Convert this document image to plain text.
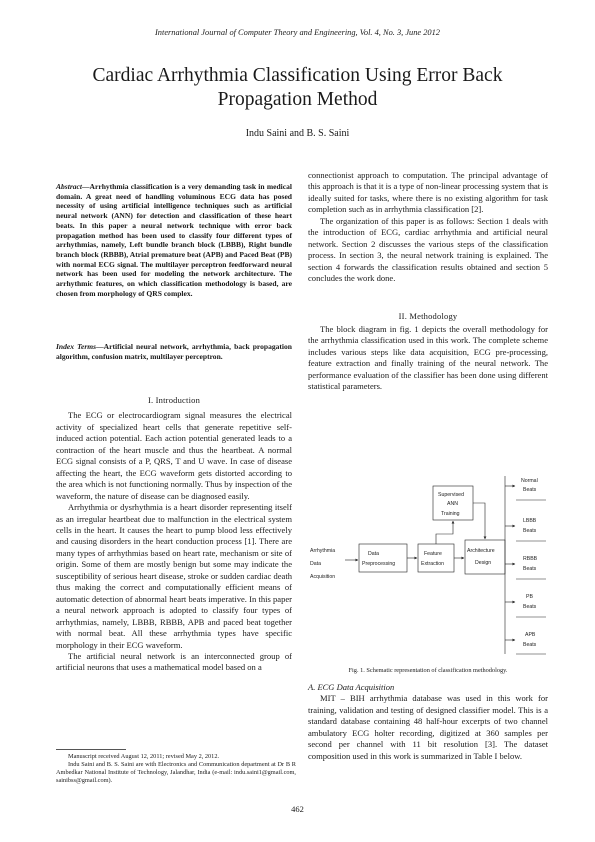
International Journal of Computer Theory and Engineering, Vol. 4, No. 3, June 2012
Cardiac Arrhythmia Classification Using Error Back
Propagation Method
Indu Saini and B. S. Saini
Abstract—Arrhythmia classification is a very demanding task in medical domain. A great need of handling voluminous ECG data has posed necessity of using artificial intelligence techniques such as artificial neural network (ANN) for detection and classification of these heart beats. In this paper a neural network technique with error back propagation method has been used to classify four different types of arrhythmias, namely, Left bundle branch block (LBBB), Right bundle branch block (RBBB), Atrial premature beat (APB) and Paced Beat (PB) with normal ECG signal. The multilayer perceptron feedforward neural network has been used for modeling the network architecture. The arrhythmic features, on which classification methodology is based, are chosen from morphology of QRS complex.
Index Terms—Artificial neural network, arrhythmia, back propagation algorithm, confusion matrix, multilayer perceptron.
I. Introduction

The ECG or electrocardiogram signal measures the electrical activity of specialized heart cells that generate repetitive self-induced action potential. Each action potential generated leads to a contraction of the heart muscle and thus the heartbeat. A normal ECG signal consists of a P, QRS, T and U wave. In case of disease affecting the heart, the ECG waveform gets distorted according to the area which is not functioning normally. Thus by inspection of the waveform, the nature of disease can be diagnosed easily.

Arrhythmia or dysrhythmia is a heart disorder representing itself as an irregular heartbeat due to malfunction in the electrical system cells in the heart. It causes the heart to pump blood less effectively and causing disorders in the heart conduction process [1]. There are many types of arrhythmias based on heart rate, mechanism or site of origin. Some of them are mostly benign but some may indicate the susceptibility of serious heart disease, stroke or sudden cardiac death thus making the correct and computationally efficient means of automatic detection of abnormal heart beats imperative. In this paper a neural network approach is adopted to classify four types of arrhythmias, namely, LBBB, RBBB, APB and paced beat together with normal beat. All these arrhythmia types have specific morphology in their ECG waveform.

The artificial neural network is an interconnected group of artificial neurons that uses a mathematical model based on a

Manuscript received August 12, 2011; revised May 2, 2012.

Indu Saini and B. S. Saini are with Electronics and Communication department at Dr B R Ambedkar National Institute of Technology, Jalandhar, India (e-mail: indu.saini1@gmail.com, sainibss@gmail.com).

connectionist approach to computation. The principal advantage of this approach is that it is a type of non-linear processing system that is ideally suited for tasks, where there is no existing algorithm for task completion such as in arrhythmia classification [2].

The organization of this paper is as follows: Section 1 deals with the introduction of ECG, cardiac arrhythmia and artificial neural network. Section 2 discusses the various steps of the classification process. In section 3, the neural network training is explained. The section 4 forwards the classification results obtained and section 5 concludes the work done.

II. Methodology

The block diagram in fig. 1 depicts the overall methodology for the arrhythmia classification used in this work. The complete scheme includes various steps like data acquisition, ECG pre-processing, feature extraction and finally training of the neural network. The performance evaluation of the classifier has been done using different statistical parameters.

Arrhythmia
Data
Acquisition
Data
Preprocessing
Feature
Extraction
Architecture
Design
Supervised
ANN
Training
Normal
Beats
LBBB
Beats
RBBB
Beats
PB
Beats
APB
Beats
Fig. 1. Schematic representation of classification methodology.
A. ECG Data Acquisition

MIT – BIH arrhythmia database was used in this work for training, validation and testing of designed classifier model. This is a standard database containing 48 half-hour excerpts of two channel ambulatory ECG holter recording, digitized at 360 samples per second per channel with 11 bit resolution [3]. The dataset composition used in this work is summarized in Table I below.

462
